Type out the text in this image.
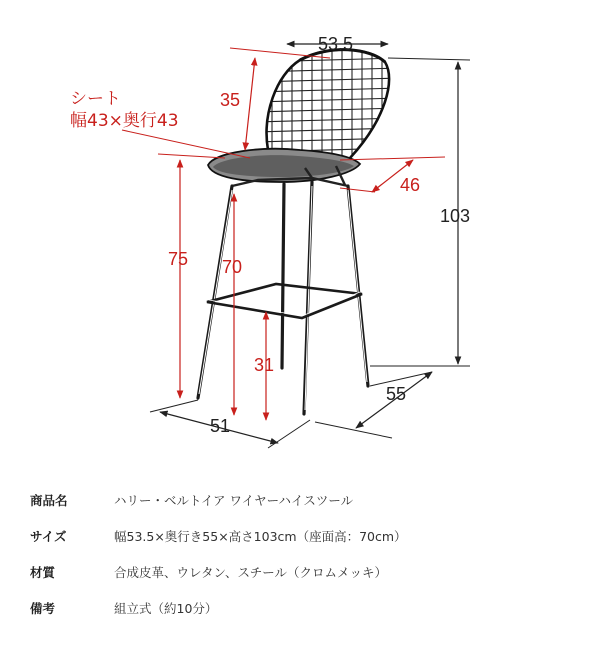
35
シート
幅43×奥行43
46
75 70
31
53.5
103
51
55
商品名	ハリー・ベルトイア ワイヤーハイスツール
サイズ	幅53.5×奥行き55×高さ103cm（座面高：70cm）
材質	合成皮革、ウレタン、スチール（クロムメッキ）
備考	組立式（約10分）
